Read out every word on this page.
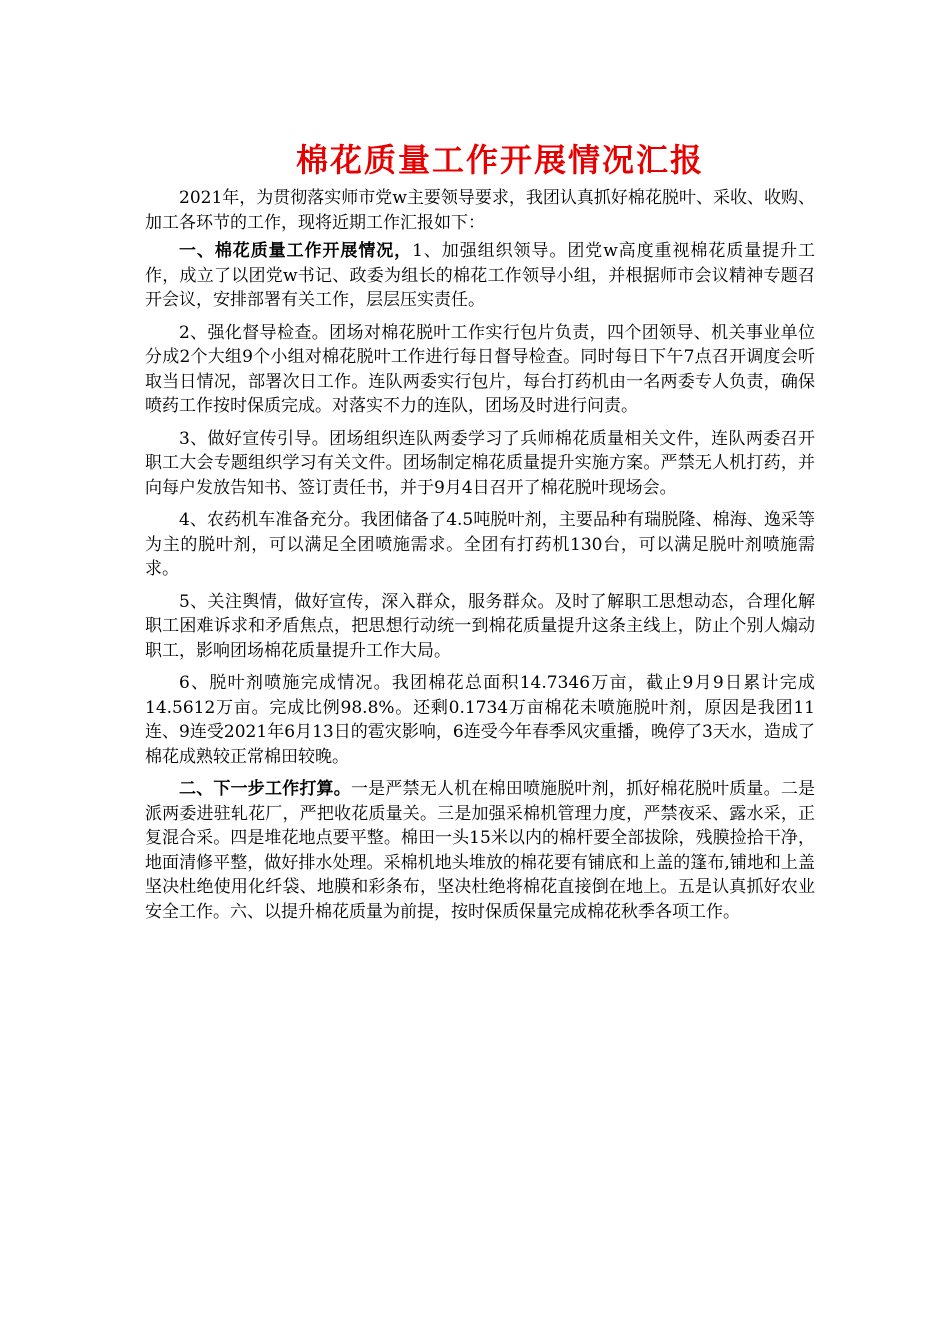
棉花质量工作开展情况汇报

2021年，为贯彻落实师市党w主要领导要求，我团认真抓好棉花脱叶、采收、收购、加工各环节的工作，现将近期工作汇报如下：

一、棉花质量工作开展情况，1、加强组织领导。团党w高度重视棉花质量提升工作，成立了以团党w书记、政委为组长的棉花工作领导小组，并根据师市会议精神专题召开会议，安排部署有关工作，层层压实责任。

2、强化督导检查。团场对棉花脱叶工作实行包片负责，四个团领导、机关事业单位分成2个大组9个小组对棉花脱叶工作进行每日督导检查。同时每日下午7点召开调度会听取当日情况，部署次日工作。连队两委实行包片，每台打药机由一名两委专人负责，确保喷药工作按时保质完成。对落实不力的连队，团场及时进行问责。

3、做好宣传引导。团场组织连队两委学习了兵师棉花质量相关文件，连队两委召开职工大会专题组织学习有关文件。团场制定棉花质量提升实施方案。严禁无人机打药，并向每户发放告知书、签订责任书，并于9月4日召开了棉花脱叶现场会。

4、农药机车准备充分。我团储备了4.5吨脱叶剂，主要品种有瑞脱隆、棉海、逸采等为主的脱叶剂，可以满足全团喷施需求。全团有打药机130台，可以满足脱叶剂喷施需求。

5、关注舆情，做好宣传，深入群众，服务群众。及时了解职工思想动态，合理化解职工困难诉求和矛盾焦点，把思想行动统一到棉花质量提升这条主线上，防止个别人煽动职工，影响团场棉花质量提升工作大局。

6、脱叶剂喷施完成情况。我团棉花总面积14.7346万亩，截止9月9日累计完成14.5612万亩。完成比例98.8%。还剩0.1734万亩棉花未喷施脱叶剂，原因是我团11连、9连受2021年6月13日的雹灾影响，6连受今年春季风灾重播，晚停了3天水，造成了棉花成熟较正常棉田较晚。

二、下一步工作打算。一是严禁无人机在棉田喷施脱叶剂，抓好棉花脱叶质量。二是派两委进驻轧花厂，严把收花质量关。三是加强采棉机管理力度，严禁夜采、露水采，正复混合采。四是堆花地点要平整。棉田一头15米以内的棉杆要全部拔除，残膜捡拾干净，地面清修平整，做好排水处理。采棉机地头堆放的棉花要有铺底和上盖的篷布,铺地和上盖坚决杜绝使用化纤袋、地膜和彩条布，坚决杜绝将棉花直接倒在地上。五是认真抓好农业安全工作。六、以提升棉花质量为前提，按时保质保量完成棉花秋季各项工作。
